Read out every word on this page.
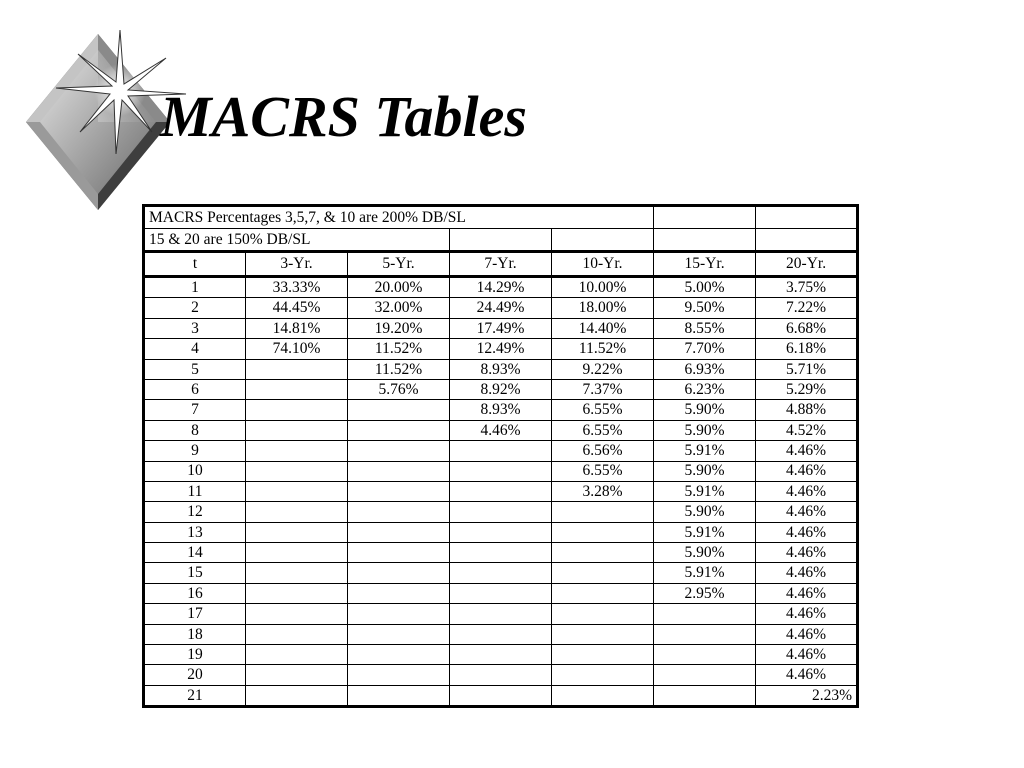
MACRS Tables
MACRS Percentages 3,5,7, & 10 are 200% DB/SL						
15 & 20 are 150% DB/SL						
t	3-Yr.	5-Yr.	7-Yr.	10-Yr.	15-Yr.	20-Yr.
1	33.33%	20.00%	14.29%	10.00%	5.00%	3.75%
2	44.45%	32.00%	24.49%	18.00%	9.50%	7.22%
3	14.81%	19.20%	17.49%	14.40%	8.55%	6.68%
4	74.10%	11.52%	12.49%	11.52%	7.70%	6.18%
5		11.52%	8.93%	9.22%	6.93%	5.71%
6		5.76%	8.92%	7.37%	6.23%	5.29%
7			8.93%	6.55%	5.90%	4.88%
8			4.46%	6.55%	5.90%	4.52%
9				6.56%	5.91%	4.46%
10				6.55%	5.90%	4.46%
11				3.28%	5.91%	4.46%
12					5.90%	4.46%
13					5.91%	4.46%
14					5.90%	4.46%
15					5.91%	4.46%
16					2.95%	4.46%
17						4.46%
18						4.46%
19						4.46%
20						4.46%
21						2.23%
